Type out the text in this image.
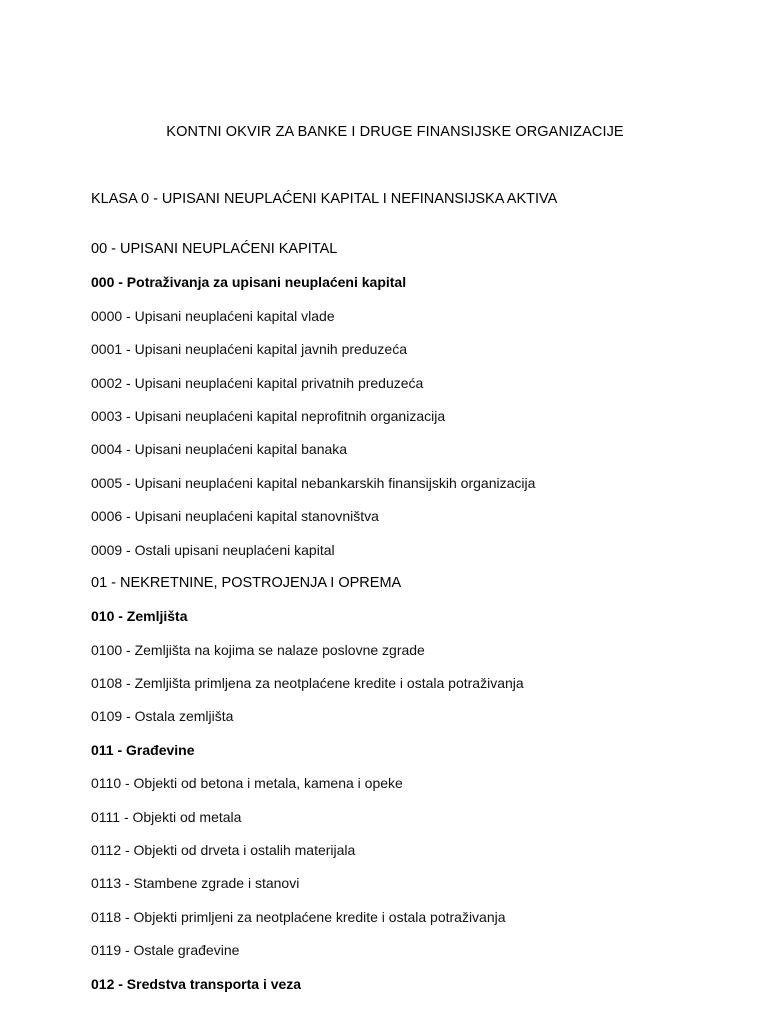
KONTNI OKVIR ZA BANKE I DRUGE FINANSIJSKE ORGANIZACIJE
KLASA 0 - UPISANI NEUPLAĆENI KAPITAL I NEFINANSIJSKA AKTIVA
00 - UPISANI NEUPLAĆENI KAPITAL
000 - Potraživanja za upisani neuplaćeni kapital
0000 - Upisani neuplaćeni kapital vlade
0001 - Upisani neuplaćeni kapital javnih preduzeća
0002 - Upisani neuplaćeni kapital privatnih preduzeća
0003 - Upisani neuplaćeni kapital neprofitnih organizacija
0004 - Upisani neuplaćeni kapital banaka
0005 - Upisani neuplaćeni kapital nebankarskih finansijskih organizacija
0006 - Upisani neuplaćeni kapital stanovništva
0009 - Ostali upisani neuplaćeni kapital
01 - NEKRETNINE, POSTROJENJA I OPREMA
010 - Zemljišta
0100 - Zemljišta na kojima se nalaze poslovne zgrade
0108 - Zemljišta primljena za neotplaćene kredite i ostala potraživanja
0109 - Ostala zemljišta
011 - Građevine
0110 - Objekti od betona i metala, kamena i opeke
0111 - Objekti od metala
0112 - Objekti od drveta i ostalih materijala
0113 - Stambene zgrade i stanovi
0118 - Objekti primljeni za neotplaćene kredite i ostala potraživanja
0119 - Ostale građevine
012 - Sredstva transporta i veza
